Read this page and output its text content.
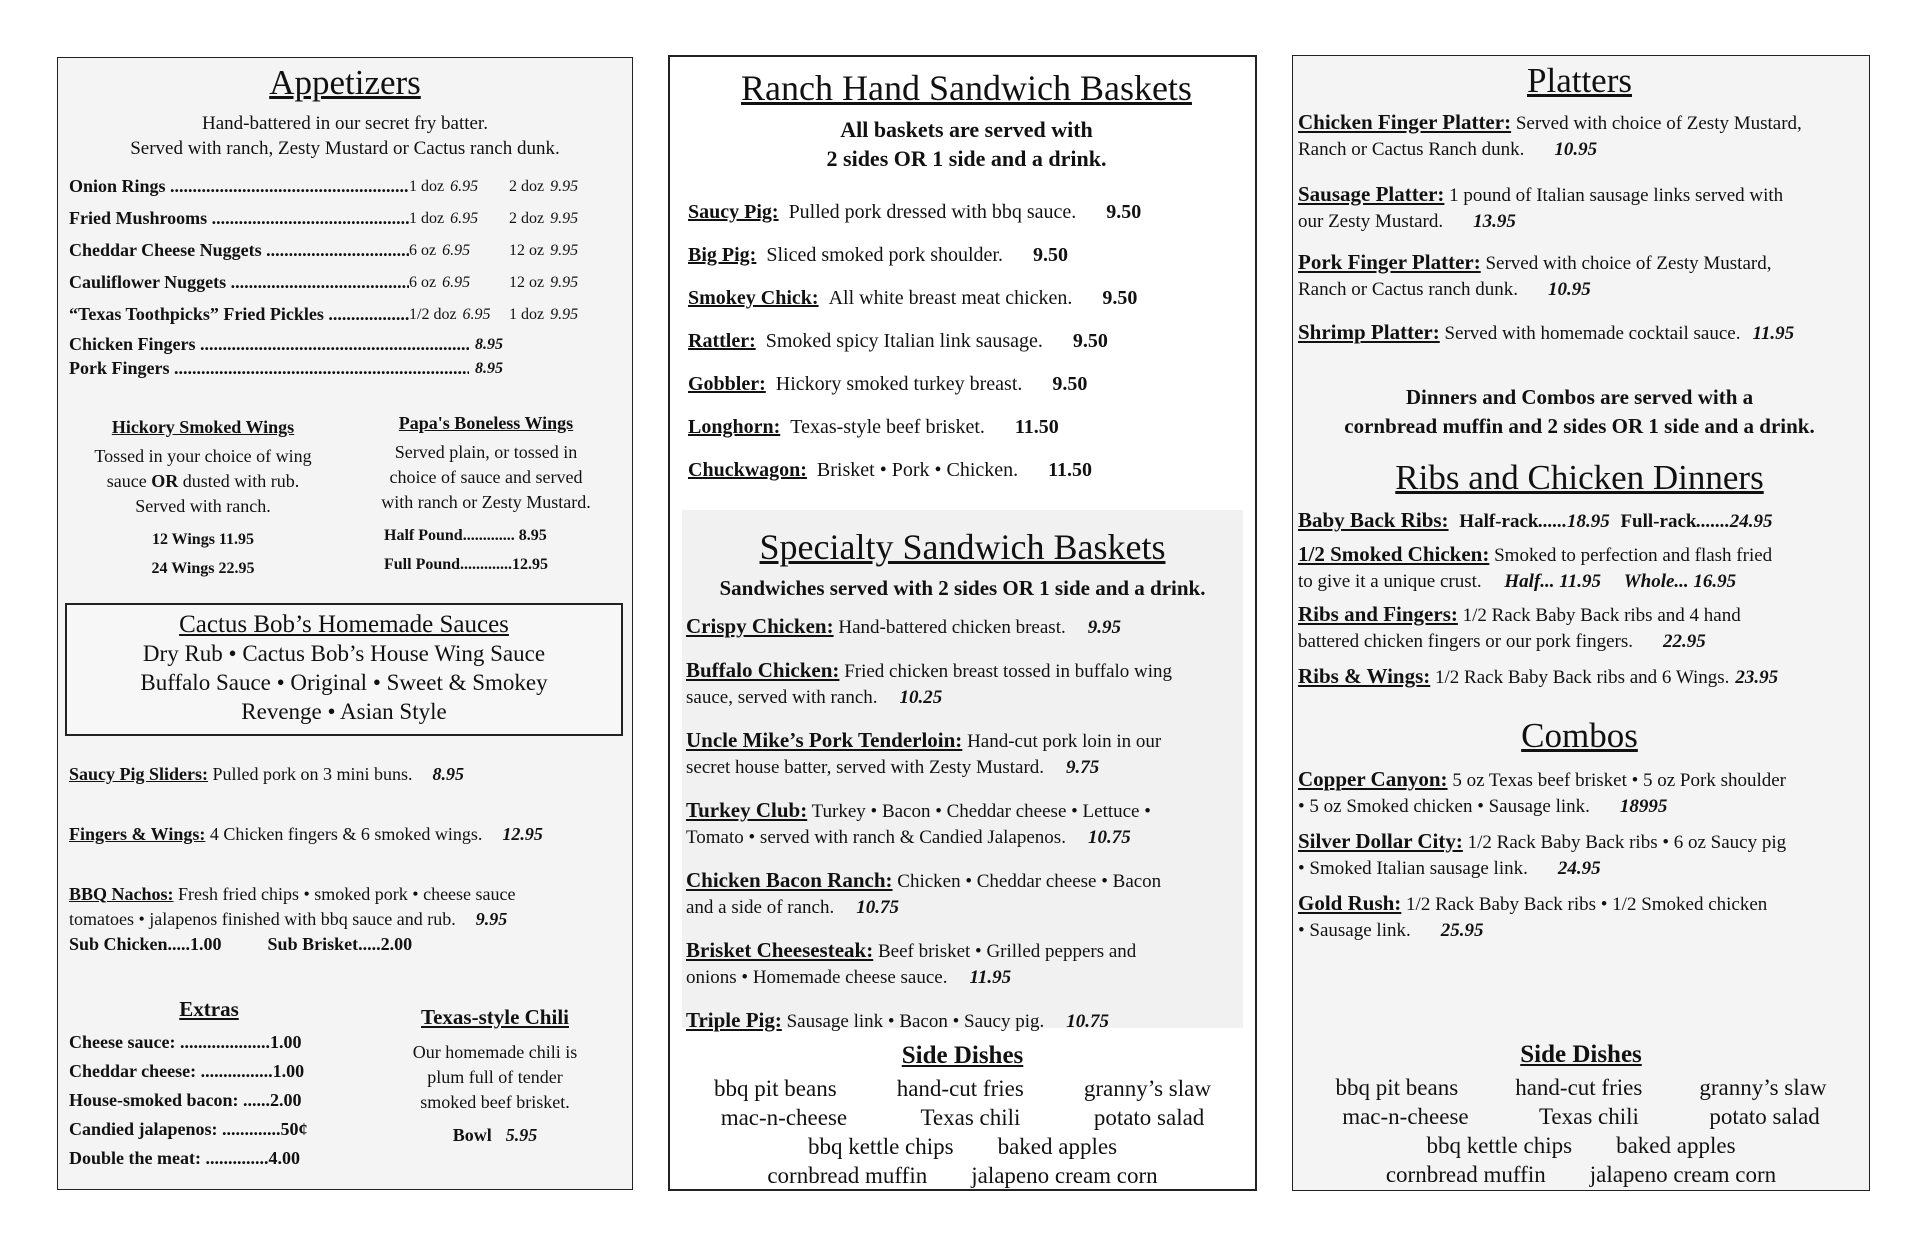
Appetizers
Hand-battered in our secret fry batter.
Served with ranch, Zesty Mustard or Cactus ranch dunk.
Onion Rings .....	1 doz 6.95	2 doz 9.95
Fried Mushrooms .....	1 doz 6.95	2 doz 9.95
Cheddar Cheese Nuggets .....	6 oz 6.95	12 oz 9.95
Cauliflower Nuggets .....	6 oz 6.95	12 oz 9.95
“Texas Toothpicks” Fried Pickles .....	1/2 doz 6.95	1 doz 9.95
Chicken Fingers .....	8.95
Pork Fingers .....	8.95
Hickory Smoked Wings
Tossed in your choice of wing
sauce OR dusted with rub.
Served with ranch.
12 Wings 11.95
24 Wings 22.95
Papa's Boneless Wings
Served plain, or tossed in
choice of sauce and served
with ranch or Zesty Mustard.
Half Pound............. 8.95
Full Pound.............12.95
Cactus Bob’s Homemade Sauces
Dry Rub • Cactus Bob’s House Wing Sauce
Buffalo Sauce • Original • Sweet & Smokey
Revenge • Asian Style
Saucy Pig Sliders: Pulled pork on 3 mini buns. 8.95
Fingers & Wings: 4 Chicken fingers & 6 smoked wings. 12.95
BBQ Nachos: Fresh fried chips • smoked pork • cheese sauce
tomatoes • jalapenos finished with bbq sauce and rub. 9.95
Sub Chicken.....1.00	Sub Brisket.....2.00
Extras
Cheese sauce: ....................1.00
Cheddar cheese: ................1.00
House-smoked bacon: ......2.00
Candied jalapenos: .............50¢
Double the meat: ..............4.00
Texas-style Chili
Our homemade chili is
plum full of tender
smoked beef brisket.
Bowl 5.95
Ranch Hand Sandwich Baskets
All baskets are served with
2 sides OR 1 side and a drink.
Saucy Pig: Pulled pork dressed with bbq sauce. 9.50
Big Pig: Sliced smoked pork shoulder. 9.50
Smokey Chick: All white breast meat chicken. 9.50
Rattler: Smoked spicy Italian link sausage. 9.50
Gobbler: Hickory smoked turkey breast. 9.50
Longhorn: Texas-style beef brisket. 11.50
Chuckwagon: Brisket • Pork • Chicken. 11.50
Specialty Sandwich Baskets
Sandwiches served with 2 sides OR 1 side and a drink.
Crispy Chicken: Hand-battered chicken breast. 9.95
Buffalo Chicken: Fried chicken breast tossed in buffalo wing
sauce, served with ranch. 10.25
Uncle Mike’s Pork Tenderloin: Hand-cut pork loin in our
secret house batter, served with Zesty Mustard. 9.75
Turkey Club: Turkey • Bacon • Cheddar cheese • Lettuce •
Tomato • served with ranch & Candied Jalapenos. 10.75
Chicken Bacon Ranch: Chicken • Cheddar cheese • Bacon
and a side of ranch. 10.75
Brisket Cheesesteak: Beef brisket • Grilled peppers and
onions • Homemade cheese sauce. 11.95
Triple Pig: Sausage link • Bacon • Saucy pig. 10.75
Side Dishes
bbq pit beans	hand-cut fries	granny’s slaw
mac-n-cheese	Texas chili	potato salad
bbq kettle chips baked apples
cornbread muffin jalapeno cream corn
Platters
Chicken Finger Platter: Served with choice of Zesty Mustard,
Ranch or Cactus Ranch dunk. 10.95
Sausage Platter: 1 pound of Italian sausage links served with
our Zesty Mustard. 13.95
Pork Finger Platter: Served with choice of Zesty Mustard,
Ranch or Cactus ranch dunk. 10.95
Shrimp Platter: Served with homemade cocktail sauce. 11.95
Dinners and Combos are served with a
cornbread muffin and 2 sides OR 1 side and a drink.
Ribs and Chicken Dinners
Baby Back Ribs: Half-rack......18.95 Full-rack.......24.95
1/2 Smoked Chicken: Smoked to perfection and flash fried
to give it a unique crust. Half... 11.95 Whole... 16.95
Ribs and Fingers: 1/2 Rack Baby Back ribs and 4 hand
battered chicken fingers or our pork fingers. 22.95
Ribs & Wings: 1/2 Rack Baby Back ribs and 6 Wings. 23.95
Combos
Copper Canyon: 5 oz Texas beef brisket • 5 oz Pork shoulder
• 5 oz Smoked chicken • Sausage link. 18995
Silver Dollar City: 1/2 Rack Baby Back ribs • 6 oz Saucy pig
• Smoked Italian sausage link. 24.95
Gold Rush: 1/2 Rack Baby Back ribs • 1/2 Smoked chicken
• Sausage link. 25.95
Side Dishes
bbq pit beans hand-cut fries granny’s slaw
mac-n-cheese	Texas chili	potato salad
bbq kettle chips baked apples
cornbread muffin jalapeno cream corn
